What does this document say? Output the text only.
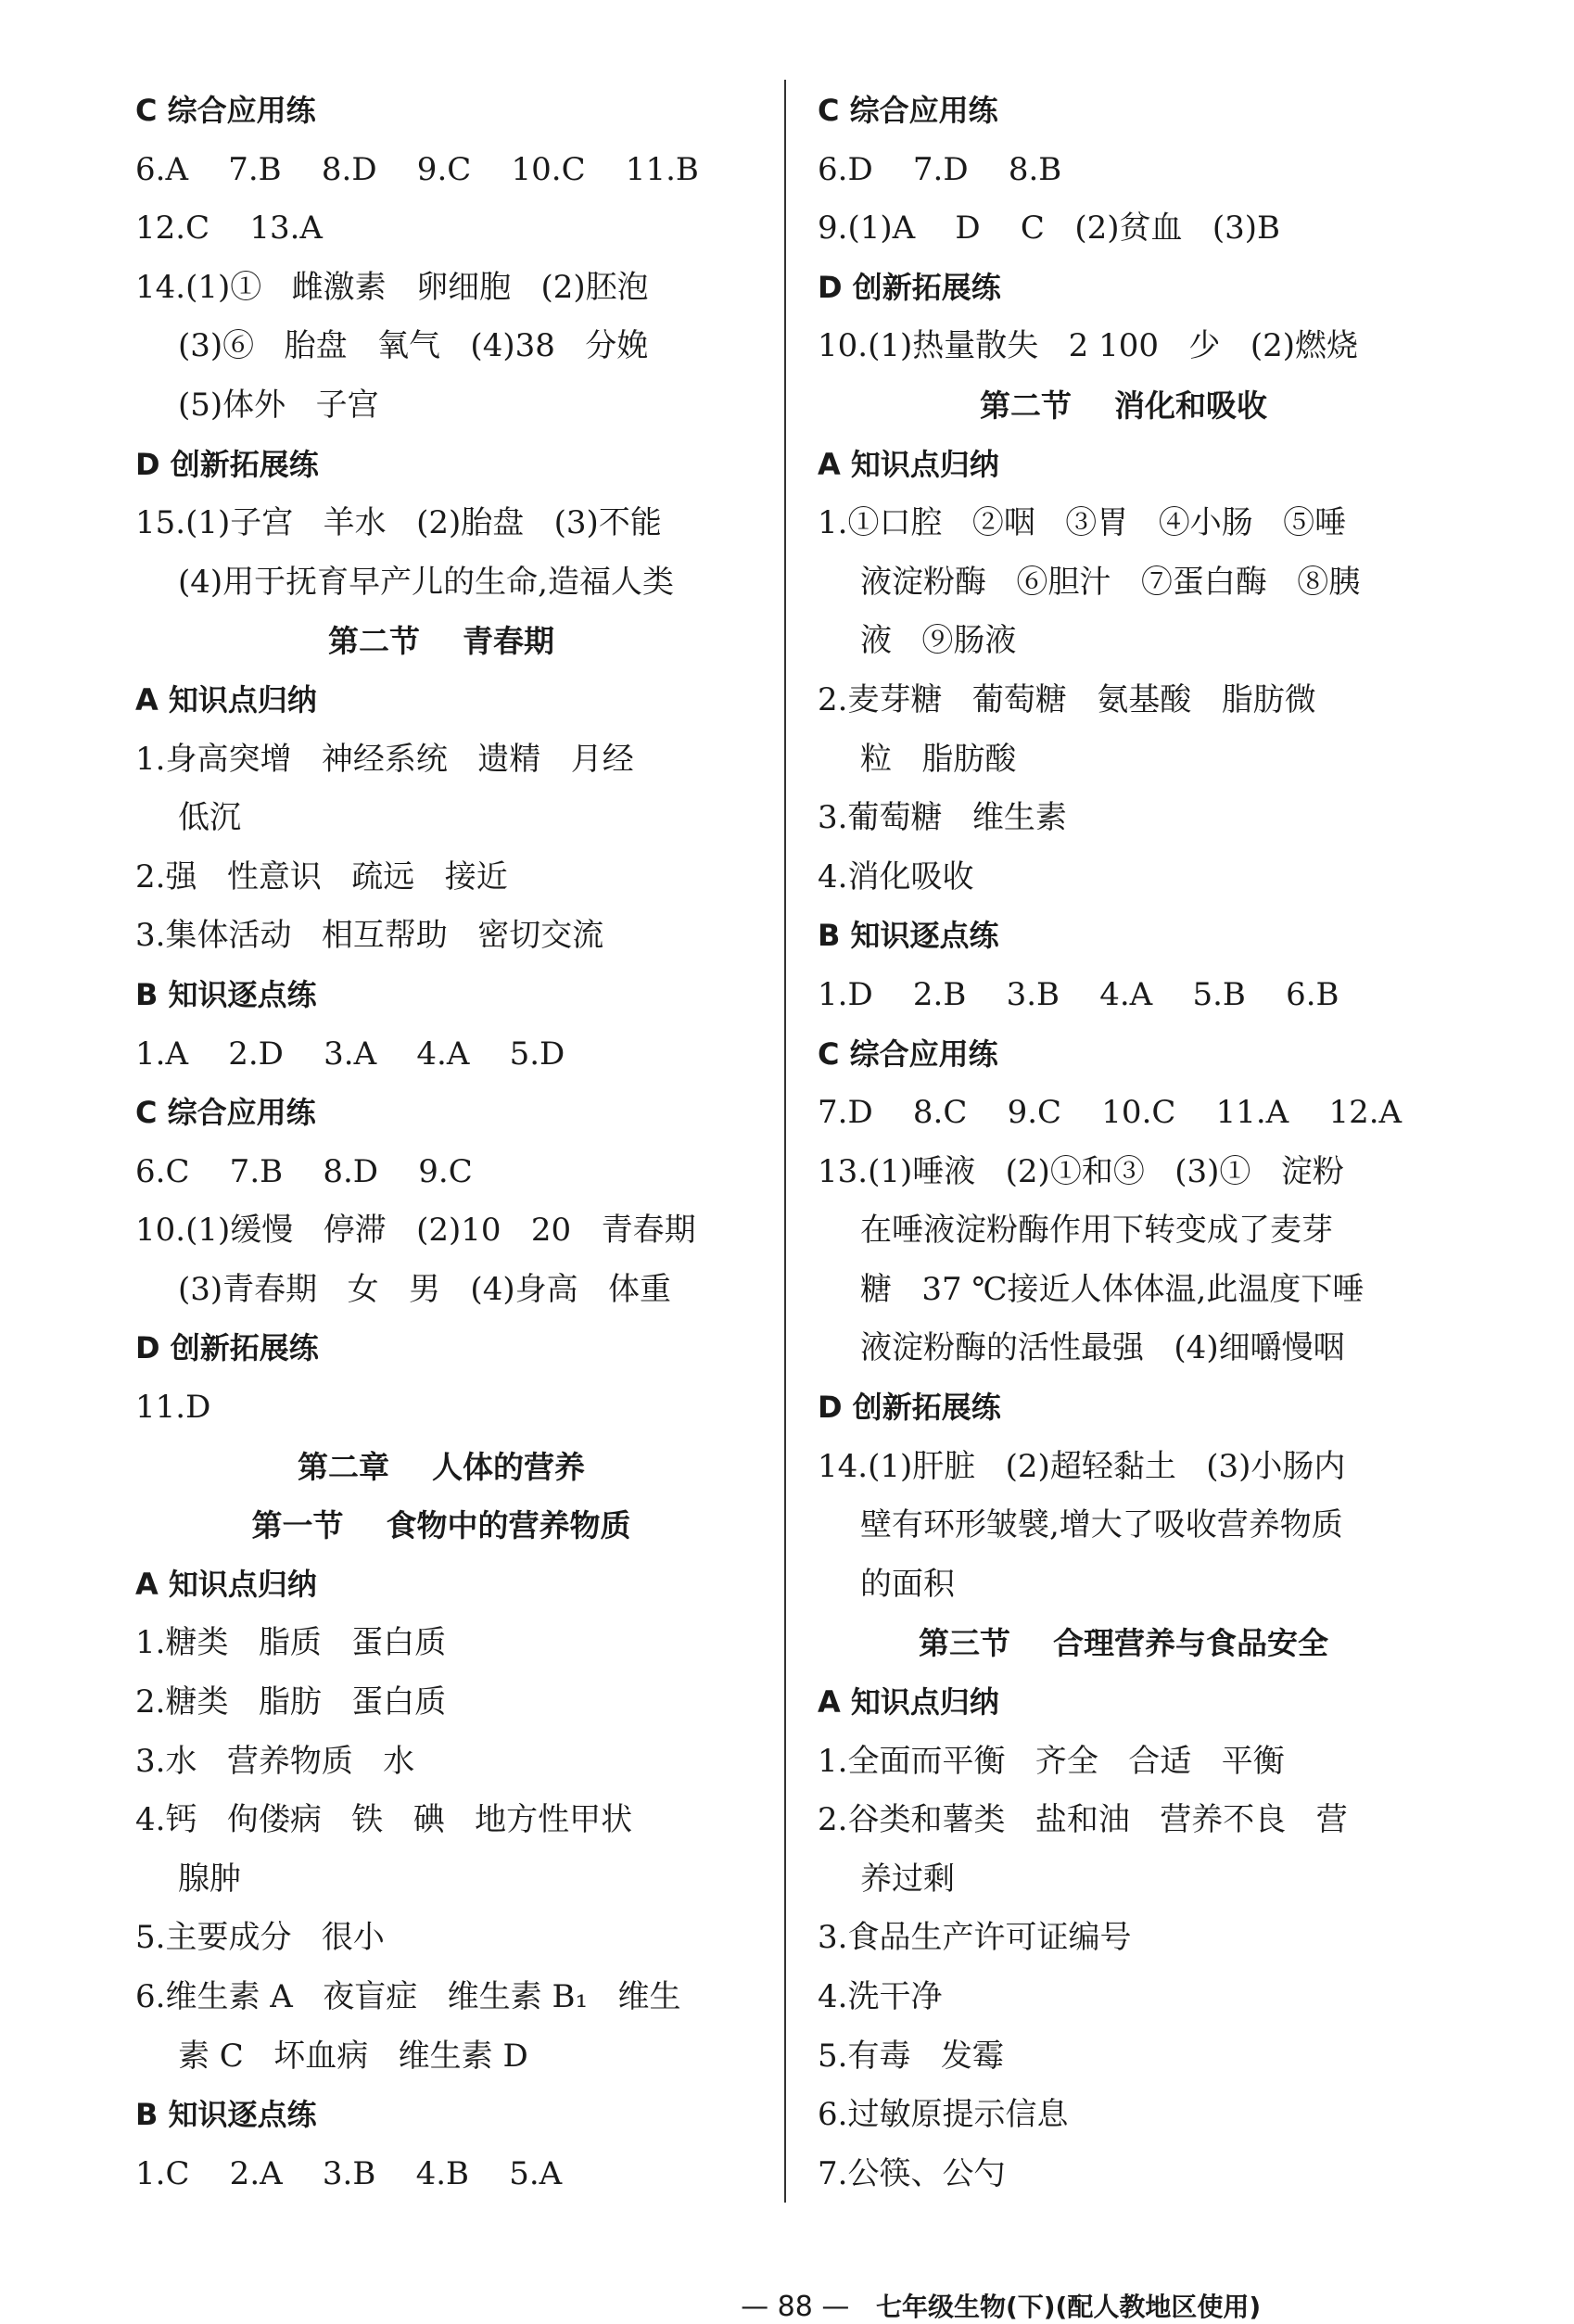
C 综合应用练
6.A    7.B    8.D    9.C    10.C    11.B
12.C    13.A
14.(1)①   雌激素   卵细胞   (2)胚泡
(3)⑥   胎盘   氧气   (4)38   分娩
(5)体外   子宫
D 创新拓展练
15.(1)子宫   羊水   (2)胎盘   (3)不能
(4)用于抚育早产儿的生命,造福人类
第二节    青春期
A 知识点归纳
1.身高突增   神经系统   遗精   月经
低沉
2.强   性意识   疏远   接近
3.集体活动   相互帮助   密切交流
B 知识逐点练
1.A    2.D    3.A    4.A    5.D
C 综合应用练
6.C    7.B    8.D    9.C
10.(1)缓慢   停滞   (2)10   20   青春期
(3)青春期   女   男   (4)身高   体重
D 创新拓展练
11.D
第二章    人体的营养
第一节    食物中的营养物质
A 知识点归纳
1.糖类   脂质   蛋白质
2.糖类   脂肪   蛋白质
3.水   营养物质   水
4.钙   佝偻病   铁   碘   地方性甲状
腺肿
5.主要成分   很小
6.维生素 A   夜盲症   维生素 B₁   维生
素 C   坏血病   维生素 D
B 知识逐点练
1.C    2.A    3.B    4.B    5.A
C 综合应用练
6.D    7.D    8.B
9.(1)A    D    C   (2)贫血   (3)B
D 创新拓展练
10.(1)热量散失   2 100   少   (2)燃烧
第二节    消化和吸收
A 知识点归纳
1.①口腔   ②咽   ③胃   ④小肠   ⑤唾
液淀粉酶   ⑥胆汁   ⑦蛋白酶   ⑧胰
液   ⑨肠液
2.麦芽糖   葡萄糖   氨基酸   脂肪微
粒   脂肪酸
3.葡萄糖   维生素
4.消化吸收
B 知识逐点练
1.D    2.B    3.B    4.A    5.B    6.B
C 综合应用练
7.D    8.C    9.C    10.C    11.A    12.A
13.(1)唾液   (2)①和③   (3)①   淀粉
在唾液淀粉酶作用下转变成了麦芽
糖   37 ℃接近人体体温,此温度下唾
液淀粉酶的活性最强   (4)细嚼慢咽
D 创新拓展练
14.(1)肝脏   (2)超轻黏土   (3)小肠内
壁有环形皱襞,增大了吸收营养物质
的面积
第三节    合理营养与食品安全
A 知识点归纳
1.全面而平衡   齐全   合适   平衡
2.谷类和薯类   盐和油   营养不良   营
养过剩
3.食品生产许可证编号
4.洗干净
5.有毒   发霉
6.过敏原提示信息
7.公筷、公勺

— 88 — 七年级生物(下)(配人教地区使用)
